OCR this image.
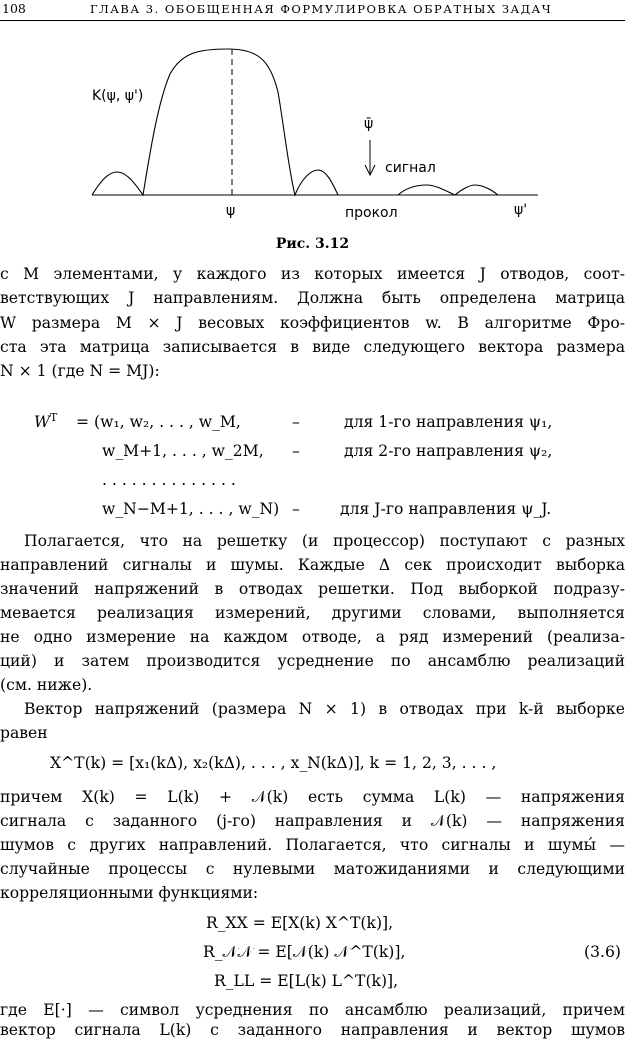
108	ГЛАВА 3. ОБОБЩЕННАЯ ФОРМУЛИРОВКА ОБРАТНЫХ ЗАДАЧ
K(ψ, ψ')
ψ̄
сигнал
ψ	прокол	ψ'
Рис. 3.12
с M элементами, у каждого из которых имеется J отводов, соот-
ветствующих J направлениям. Должна быть определена матрица
W размера M × J весовых коэффициентов w. В алгоритме Фро-
ста эта матрица записывается в виде следующего вектора размера
N × 1 (где N = MJ):
$W^T = (w_1$, w₂, . . . , w_M,	–	для 1-го направления ψ₁,
w_M+1, . . . , w_2M, –	для 2-го направления ψ₂,
. . . . . . . . . . . . . .
w_N−M+1, . . . , w_N) –	для J-го направления ψ_J.
Полагается, что на решетку (и процессор) поступают с разных
направлений сигналы и шумы. Каждые Δ сек происходит выборка
значений напряжений в отводах решетки. Под выборкой подразу-
мевается реализация измерений, другими словами, выполняется
не одно измерение на каждом отводе, а ряд измерений (реализа-
ций) и затем производится усреднение по ансамблю реализаций
(см. ниже).
Вектор напряжений (размера N × 1) в отводах при k-й выборке
равен
X^T(k) = [x₁(kΔ), x₂(kΔ), . . . , x_N(kΔ)], k = 1, 2, 3, . . . ,
причем X(k) = L(k) + 𝒩(k) есть сумма L(k) — напряжения
сигнала с заданного (j-го) направления и 𝒩(k) — напряжения
шумов с других направлений. Полагается, что сигналы и шумы́ —
случайные процессы с нулевыми матожиданиями и следующими
корреляционными функциями:
R_XX = E[X(k) X^T(k)],
R_𝒩𝒩 = E[𝒩(k) 𝒩^T(k)],
R_LL = E[L(k) L^T(k)],
(3.6)
где E[·] — символ усреднения по ансамблю реализаций, причем
вектор сигнала L(k) с заданного направления и вектор шумов
